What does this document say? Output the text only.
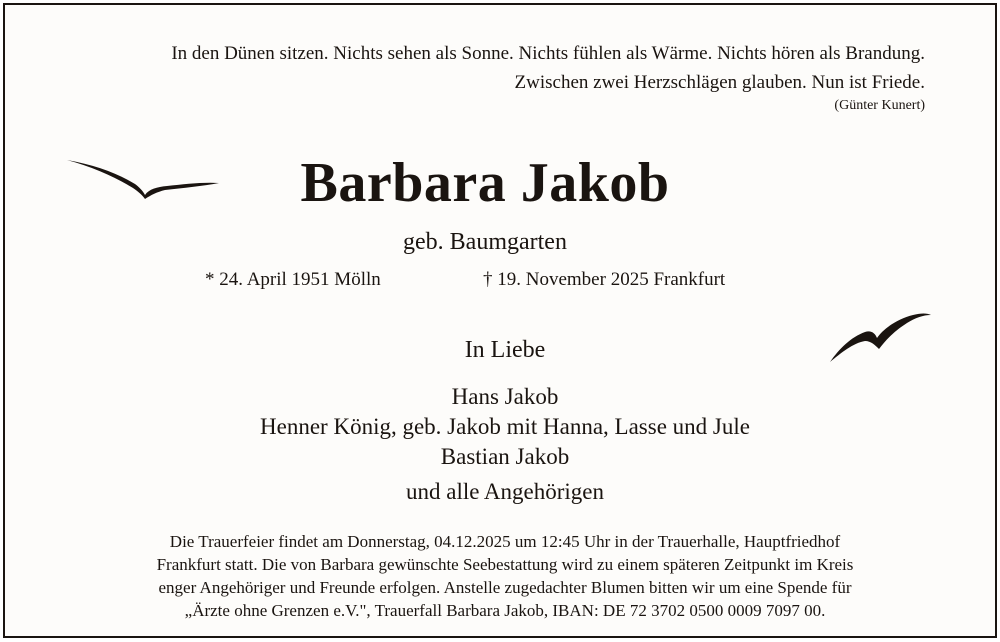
In den Dünen sitzen. Nichts sehen als Sonne. Nichts fühlen als Wärme. Nichts hören als Brandung.
Zwischen zwei Herzschlägen glauben. Nun ist Friede.
(Günter Kunert)
Barbara Jakob
geb. Baumgarten
* 24. April 1951 Mölln	† 19. November 2025 Frankfurt
In Liebe
Hans Jakob
Henner König, geb. Jakob mit Hanna, Lasse und Jule
Bastian Jakob
und alle Angehörigen
Die Trauerfeier findet am Donnerstag, 04.12.2025 um 12:45 Uhr in der Trauerhalle, Hauptfriedhof
Frankfurt statt. Die von Barbara gewünschte Seebestattung wird zu einem späteren Zeitpunkt im Kreis
enger Angehöriger und Freunde erfolgen. Anstelle zugedachter Blumen bitten wir um eine Spende für
„Ärzte ohne Grenzen e.V.", Trauerfall Barbara Jakob, IBAN: DE 72 3702 0500 0009 7097 00.
